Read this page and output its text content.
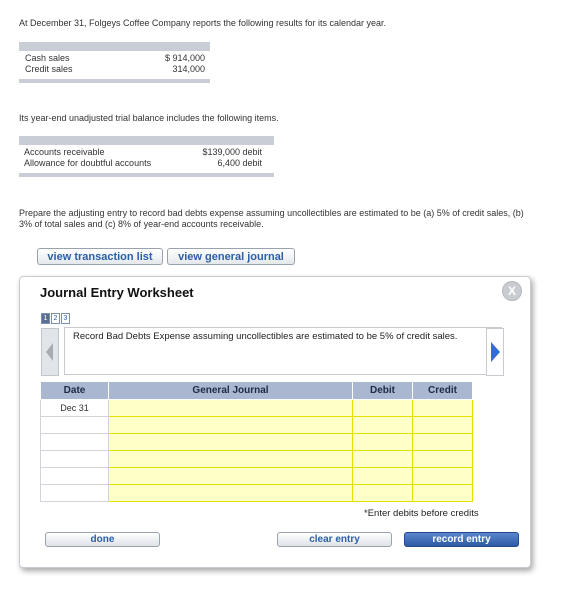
At December 31, Folgeys Coffee Company reports the following results for its calendar year.
Cash sales	$ 914,000
Credit sales	314,000
Its year-end unadjusted trial balance includes the following items.
Accounts receivable	$139,000 debit
Allowance for doubtful accounts	6,400 debit
Prepare the adjusting entry to record bad debts expense assuming uncollectibles are estimated to be (a) 5% of credit sales, (b) 3% of total sales and (c) 8% of year-end accounts receivable.
view transaction list	view general journal
Journal Entry Worksheet	X
1 2 3
Record Bad Debts Expense assuming uncollectibles are estimated to be 5% of credit sales.
Date	General Journal	Debit	Credit
Dec 31			

*Enter debits before credits
done	clear entry	record entry
